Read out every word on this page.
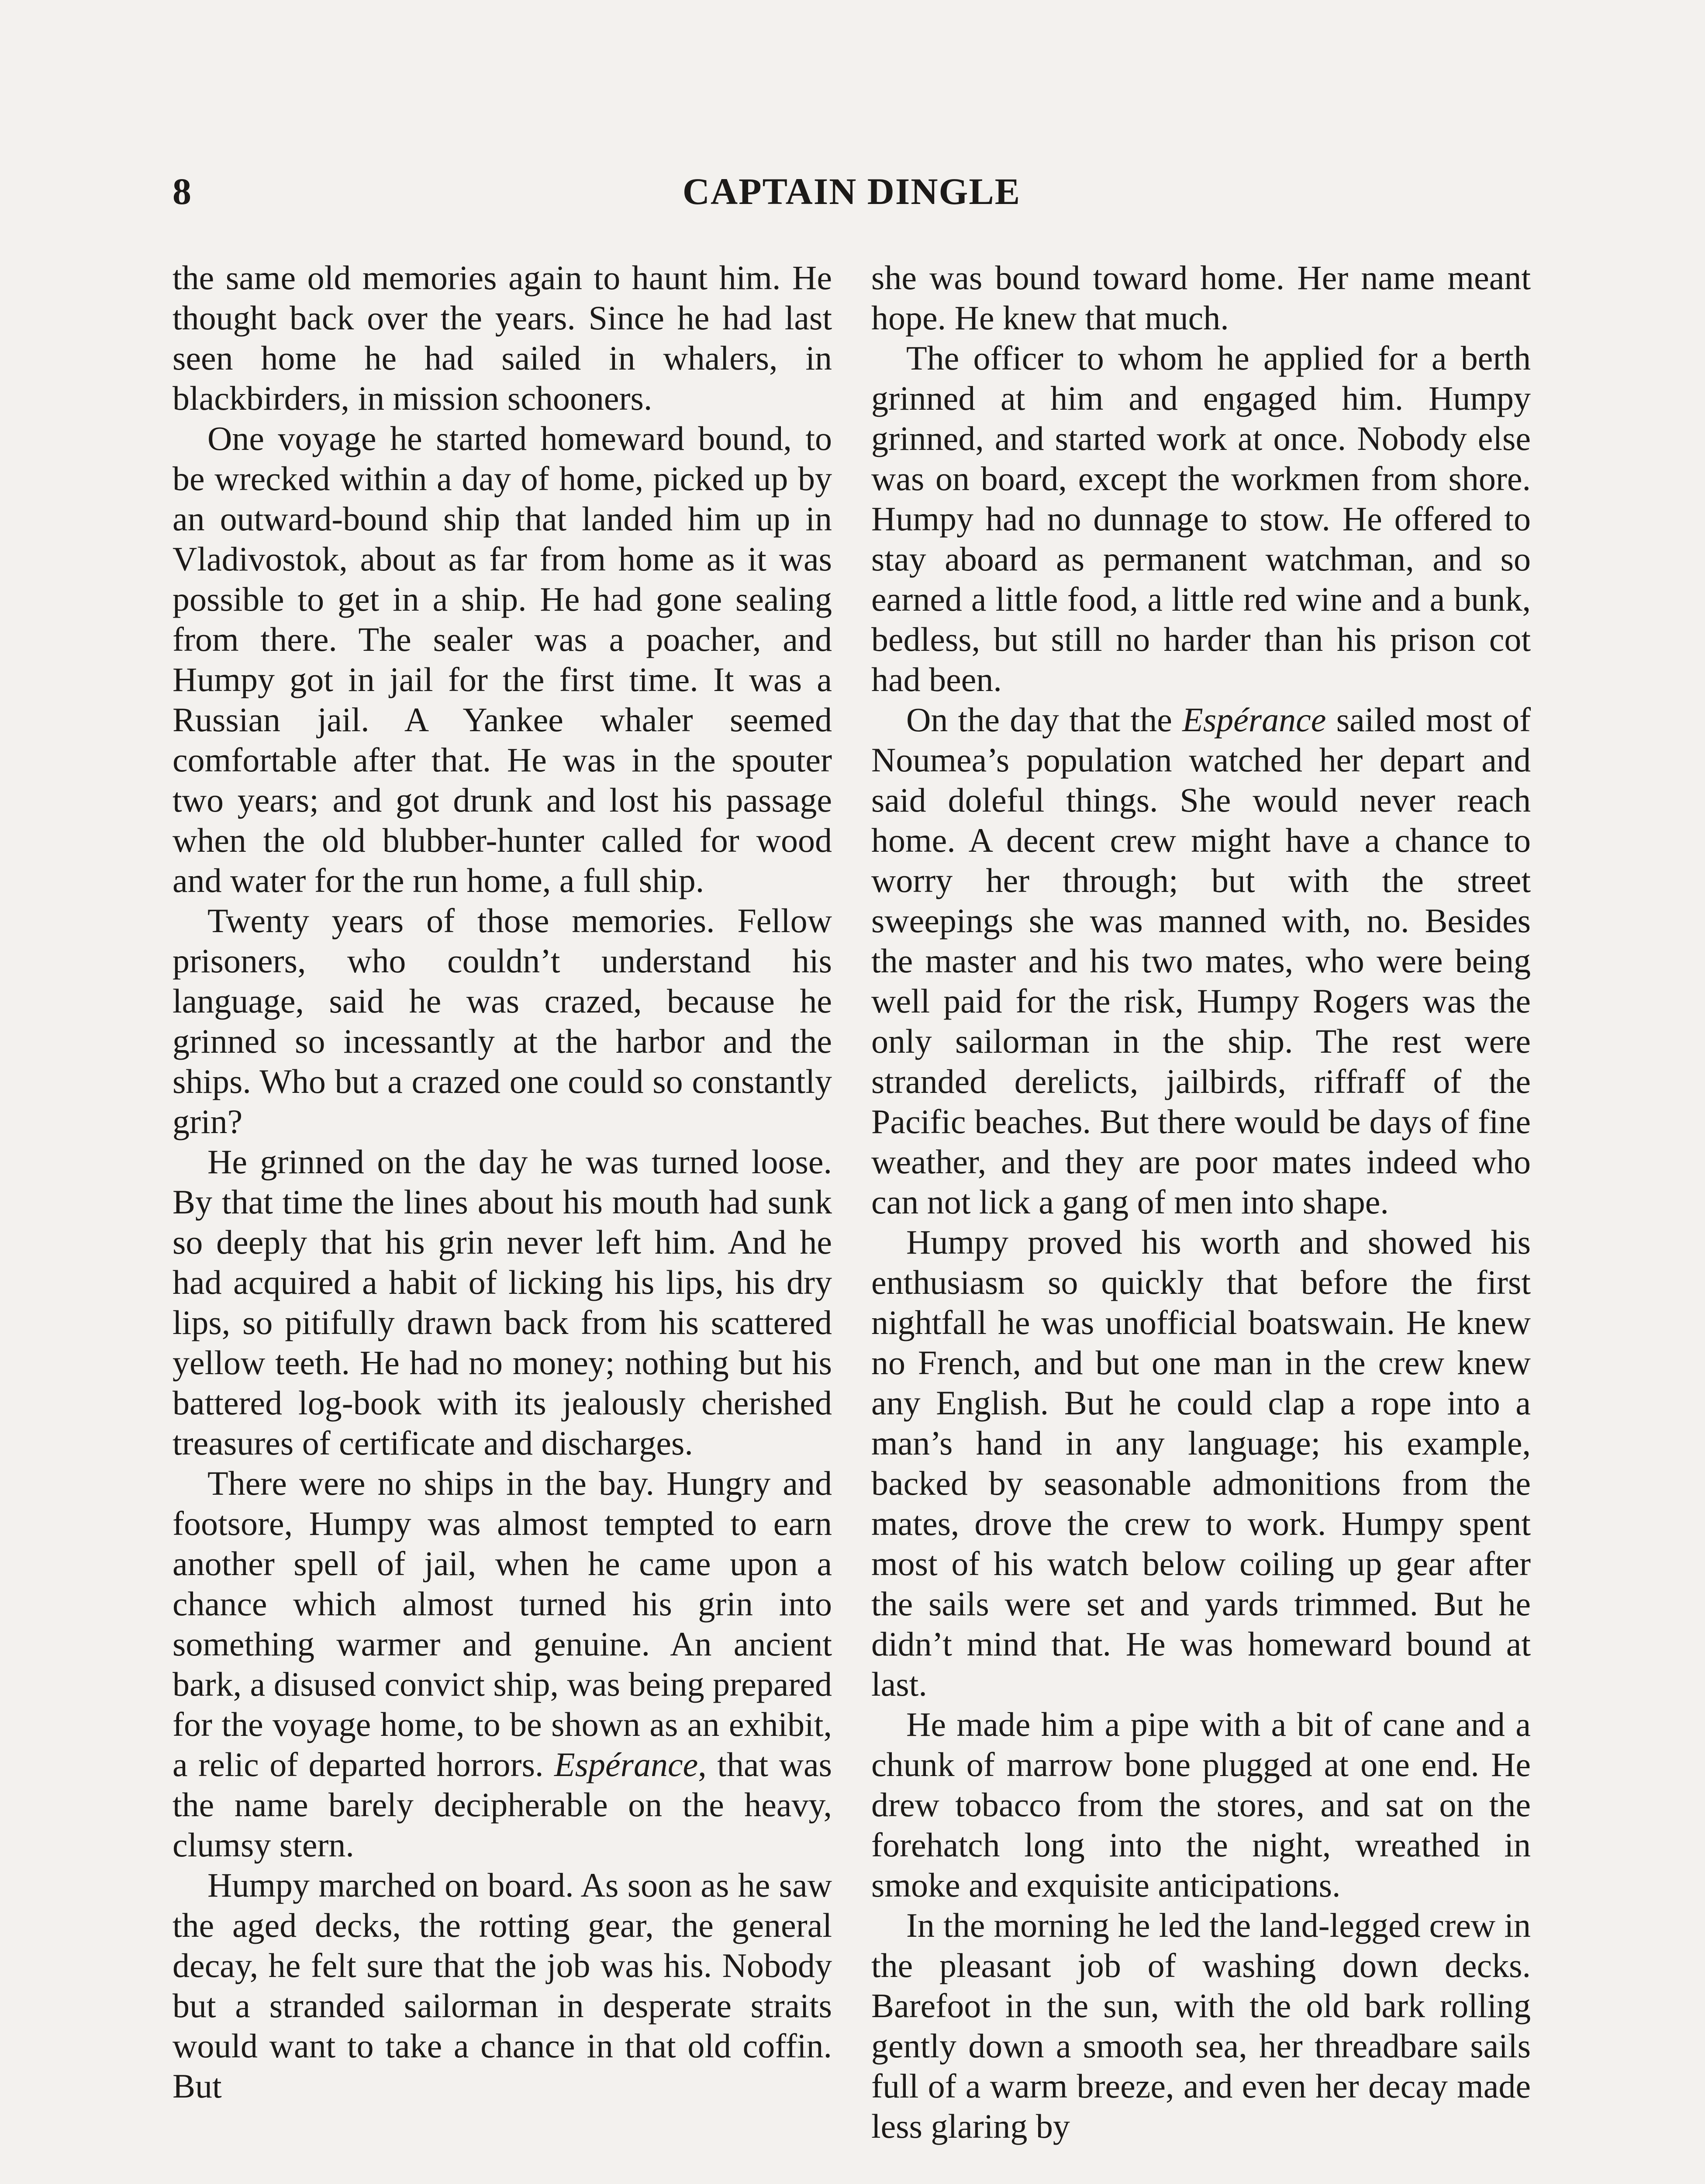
CAPTAIN DINGLE
8

the same old memories again to haunt him. He thought back over the years. Since he had last seen home he had sailed in whalers, in blackbirders, in mission schooners.

One voyage he started homeward bound, to be wrecked within a day of home, picked up by an outward-bound ship that landed him up in Vladivostok, about as far from home as it was possible to get in a ship. He had gone sealing from there. The sealer was a poacher, and Humpy got in jail for the first time. It was a Russian jail. A Yankee whaler seemed comfortable after that. He was in the spouter two years; and got drunk and lost his passage when the old blubber-hunter called for wood and water for the run home, a full ship.

Twenty years of those memories. Fellow prisoners, who couldn’t understand his language, said he was crazed, because he grinned so incessantly at the harbor and the ships. Who but a crazed one could so constantly grin?

He grinned on the day he was turned loose. By that time the lines about his mouth had sunk so deeply that his grin never left him. And he had acquired a habit of licking his lips, his dry lips, so pitifully drawn back from his scattered yellow teeth. He had no money; nothing but his battered log-book with its jealously cherished treasures of certificate and discharges.

There were no ships in the bay. Hungry and footsore, Humpy was almost tempted to earn another spell of jail, when he came upon a chance which almost turned his grin into something warmer and genuine. An ancient bark, a disused convict ship, was being prepared for the voyage home, to be shown as an exhibit, a relic of departed horrors. Espérance, that was the name barely decipherable on the heavy, clumsy stern.

Humpy marched on board. As soon as he saw the aged decks, the rotting gear, the general decay, he felt sure that the job was his. Nobody but a stranded sailorman in desperate straits would want to take a chance in that old coffin. But

she was bound toward home. Her name meant hope. He knew that much.

The officer to whom he applied for a berth grinned at him and engaged him. Humpy grinned, and started work at once. Nobody else was on board, except the workmen from shore. Humpy had no dunnage to stow. He offered to stay aboard as permanent watchman, and so earned a little food, a little red wine and a bunk, bedless, but still no harder than his prison cot had been.

On the day that the Espérance sailed most of Noumea’s population watched her depart and said doleful things. She would never reach home. A decent crew might have a chance to worry her through; but with the street sweepings she was manned with, no. Besides the master and his two mates, who were being well paid for the risk, Humpy Rogers was the only sailorman in the ship. The rest were stranded derelicts, jailbirds, riffraff of the Pacific beaches. But there would be days of fine weather, and they are poor mates indeed who can not lick a gang of men into shape.

Humpy proved his worth and showed his enthusiasm so quickly that before the first nightfall he was unofficial boatswain. He knew no French, and but one man in the crew knew any English. But he could clap a rope into a man’s hand in any language; his example, backed by seasonable admonitions from the mates, drove the crew to work. Humpy spent most of his watch below coiling up gear after the sails were set and yards trimmed. But he didn’t mind that. He was homeward bound at last.

He made him a pipe with a bit of cane and a chunk of marrow bone plugged at one end. He drew tobacco from the stores, and sat on the forehatch long into the night, wreathed in smoke and exquisite anticipations.

In the morning he led the land-legged crew in the pleasant job of washing down decks. Barefoot in the sun, with the old bark rolling gently down a smooth sea, her threadbare sails full of a warm breeze, and even her decay made less glaring by
